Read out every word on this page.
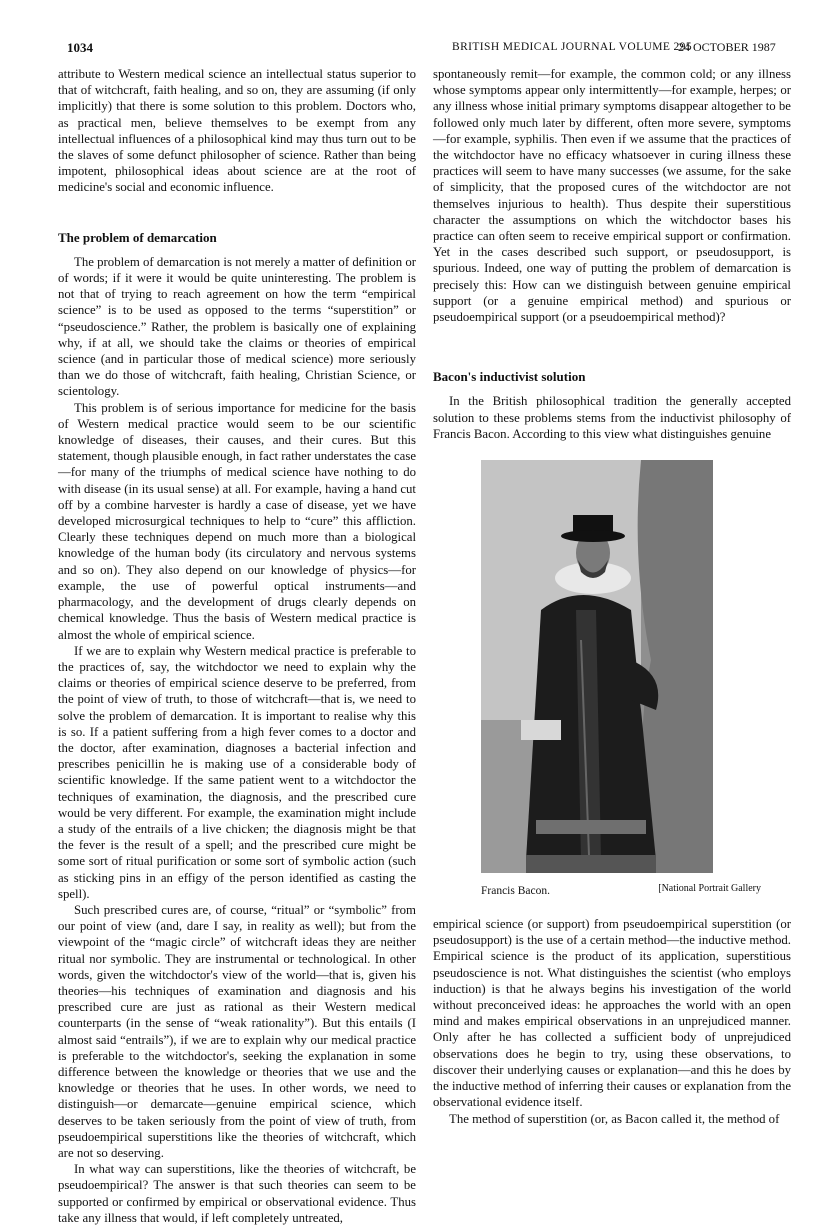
1034	BRITISH MEDICAL JOURNAL VOLUME 295
24 OCTOBER 1987

attribute to Western medical science an intellectual status superior to that of witchcraft, faith healing, and so on, they are assuming (if only implicitly) that there is some solution to this problem. Doctors who, as practical men, believe themselves to be exempt from any intellectual influences of a philosophical kind may thus turn out to be the slaves of some defunct philosopher of science. Rather than being impotent, philosophical ideas about science are at the root of medicine's social and economic influence.

The problem of demarcation

The problem of demarcation is not merely a matter of definition or of words; if it were it would be quite uninteresting. The problem is not that of trying to reach agreement on how the term “empirical science” is to be used as opposed to the terms “superstition” or “pseudoscience.” Rather, the problem is basically one of explaining why, if at all, we should take the claims or theories of empirical science (and in particular those of medical science) more seriously than we do those of witchcraft, faith healing, Christian Science, or scientology.

This problem is of serious importance for medicine for the basis of Western medical practice would seem to be our scientific knowledge of diseases, their causes, and their cures. But this statement, though plausible enough, in fact rather understates the case—for many of the triumphs of medical science have nothing to do with disease (in its usual sense) at all. For example, having a hand cut off by a combine harvester is hardly a case of disease, yet we have developed microsurgical techniques to help to “cure” this affliction. Clearly these techniques depend on much more than a biological knowledge of the human body (its circulatory and nervous systems and so on). They also depend on our knowledge of physics—for example, the use of powerful optical instruments—and pharmacology, and the development of drugs clearly depends on chemical knowledge. Thus the basis of Western medical practice is almost the whole of empirical science.

If we are to explain why Western medical practice is preferable to the practices of, say, the witchdoctor we need to explain why the claims or theories of empirical science deserve to be preferred, from the point of view of truth, to those of witchcraft—that is, we need to solve the problem of demarcation. It is important to realise why this is so. If a patient suffering from a high fever comes to a doctor and the doctor, after examination, diagnoses a bacterial infection and prescribes penicillin he is making use of a considerable body of scientific knowledge. If the same patient went to a witchdoctor the techniques of examination, the diagnosis, and the prescribed cure would be very different. For example, the examination might include a study of the entrails of a live chicken; the diagnosis might be that the fever is the result of a spell; and the prescribed cure might be some sort of ritual purification or some sort of symbolic action (such as sticking pins in an effigy of the person identified as casting the spell).

Such prescribed cures are, of course, “ritual” or “symbolic” from our point of view (and, dare I say, in reality as well); but from the viewpoint of the “magic circle” of witchcraft ideas they are neither ritual nor symbolic. They are instrumental or technological. In other words, given the witchdoctor's view of the world—that is, given his theories—his techniques of examination and diagnosis and his prescribed cure are just as rational as their Western medical counterparts (in the sense of “weak rationality”). But this entails (I almost said “entrails”), if we are to explain why our medical practice is preferable to the witchdoctor's, seeking the explanation in some difference between the knowledge or theories that we use and the knowledge or theories that he uses. In other words, we need to distinguish—or demarcate—genuine empirical science, which deserves to be taken seriously from the point of view of truth, from pseudoempirical superstitions like the theories of witchcraft, which are not so deserving.

In what way can superstitions, like the theories of witchcraft, be pseudoempirical? The answer is that such theories can seem to be supported or confirmed by empirical or observational evidence. Thus take any illness that would, if left completely untreated,

spontaneously remit—for example, the common cold; or any illness whose symptoms appear only intermittently—for example, herpes; or any illness whose initial primary symptoms disappear altogether to be followed only much later by different, often more severe, symptoms—for example, syphilis. Then even if we assume that the practices of the witchdoctor have no efficacy whatsoever in curing illness these practices will seem to have many successes (we assume, for the sake of simplicity, that the proposed cures of the witchdoctor are not themselves injurious to health). Thus despite their superstitious character the assumptions on which the witchdoctor bases his practice can often seem to receive empirical support or confirmation. Yet in the cases described such support, or pseudosupport, is spurious. Indeed, one way of putting the problem of demarcation is precisely this: How can we distinguish between genuine empirical support (or a genuine empirical method) and spurious or pseudoempirical support (or a pseudoempirical method)?

Bacon's inductivist solution

In the British philosophical tradition the generally accepted solution to these problems stems from the inductivist philosophy of Francis Bacon. According to this view what distinguishes genuine

Francis Bacon.	[National Portrait Gallery

empirical science (or support) from pseudoempirical superstition (or pseudosupport) is the use of a certain method—the inductive method. Empirical science is the product of its application, superstitious pseudoscience is not. What distinguishes the scientist (who employs induction) is that he always begins his investigation of the world without preconceived ideas: he approaches the world with an open mind and makes empirical observations in an unprejudiced manner. Only after he has collected a sufficient body of unprejudiced observations does he begin to try, using these observations, to discover their underlying causes or explanation—and this he does by the inductive method of inferring their causes or explanation from the observational evidence itself.

The method of superstition (or, as Bacon called it, the method of
